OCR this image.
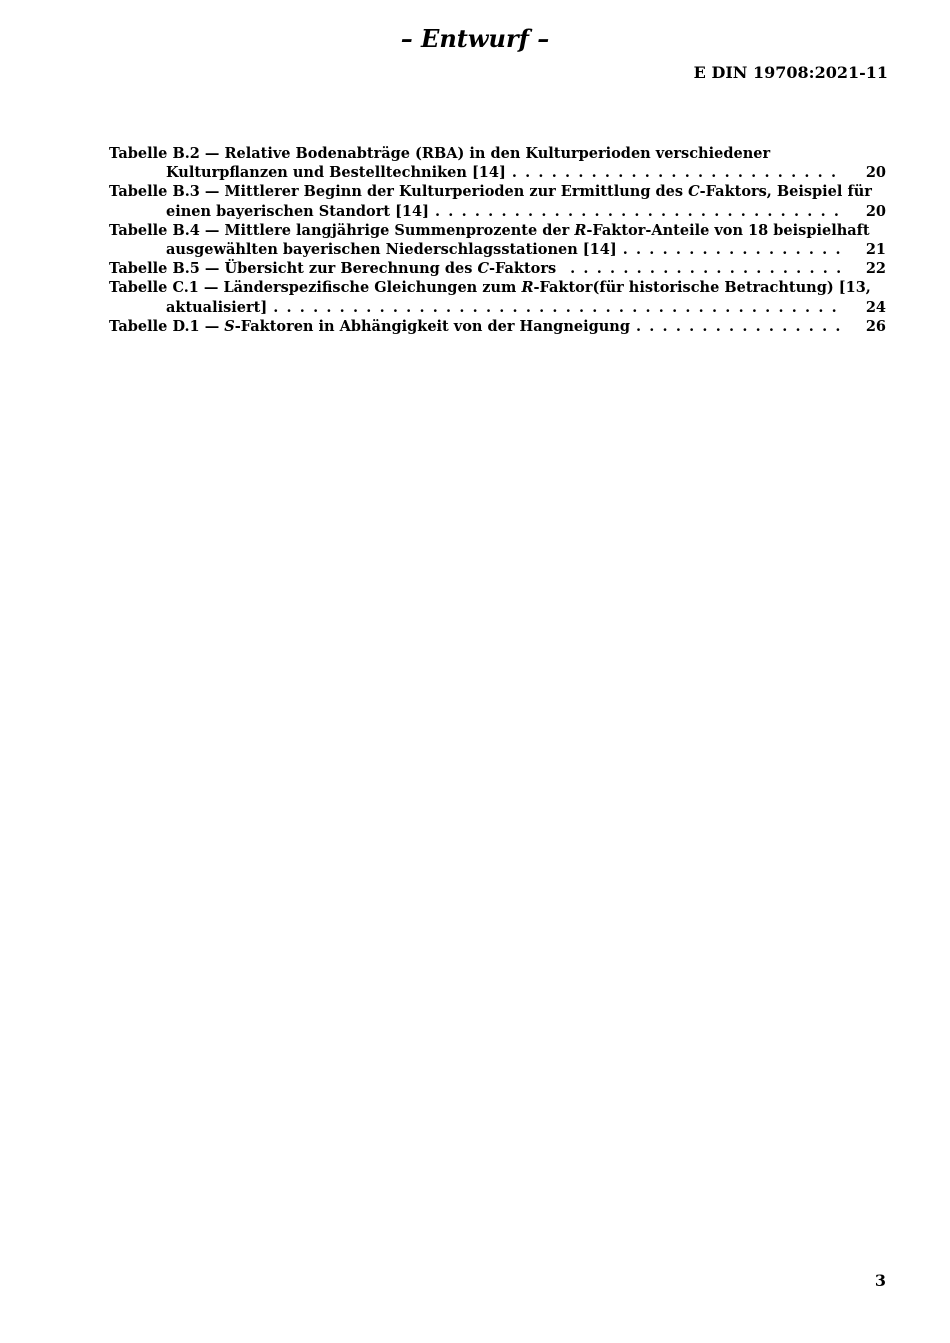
– Entwurf –
E DIN 19708:2021-11
Tabelle B.2 — Relative Bodenabträge (RBA) in den Kulturperioden verschiedener
Kulturpflanzen und Bestelltechniken [14] . . .	20
Tabelle B.3 — Mittlerer Beginn der Kulturperioden zur Ermittlung des C-Faktors, Beispiel für
einen bayerischen Standort [14] . . .	20
Tabelle B.4 — Mittlere langjährige Summenprozente der R-Faktor-Anteile von 18 beispielhaft
ausgewählten bayerischen Niederschlagsstationen [14] . . .	21
Tabelle B.5 — Übersicht zur Berechnung des C-Faktors . . .	22
Tabelle C.1 — Länderspezifische Gleichungen zum R-Faktor(für historische Betrachtung) [13,
aktualisiert] . . .	24
Tabelle D.1 — S-Faktoren in Abhängigkeit von der Hangneigung . . .	26
3
